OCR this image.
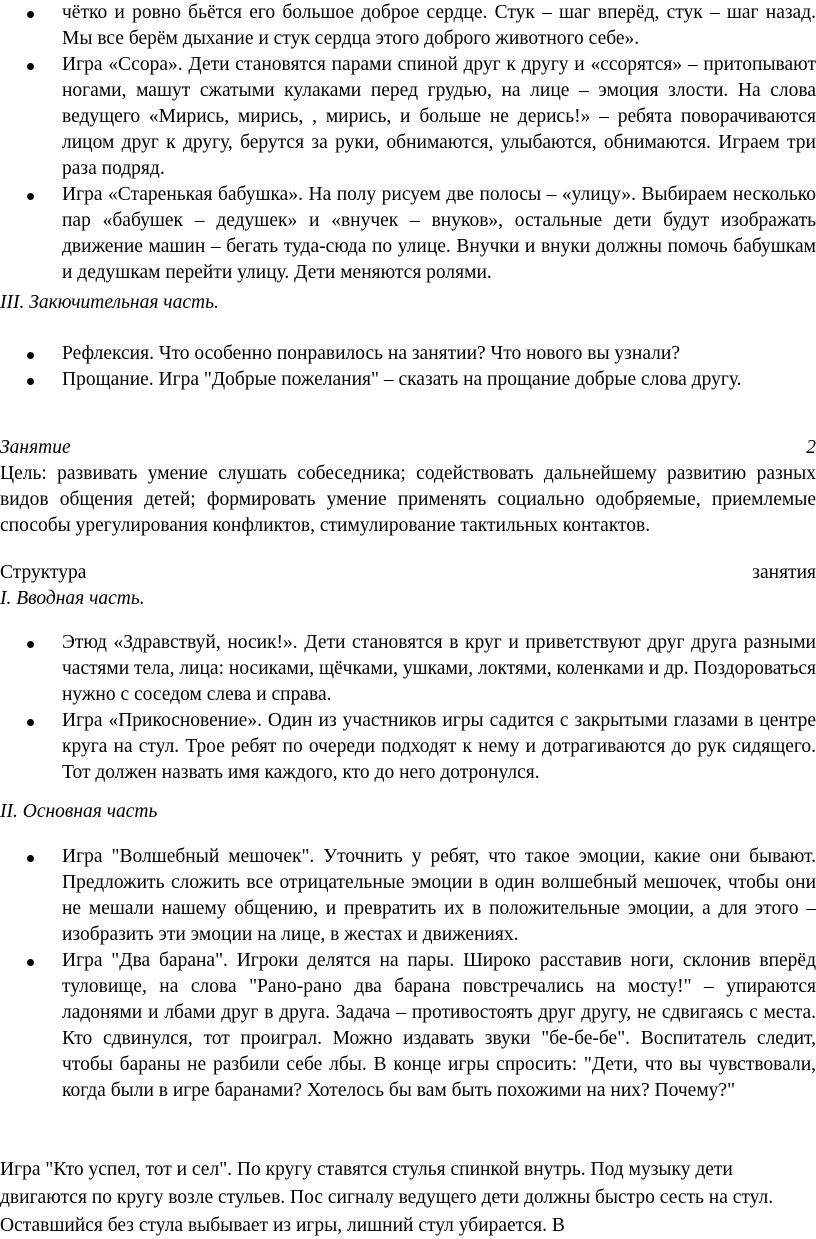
чётко и ровно бьётся его большое доброе сердце. Стук – шаг вперёд, стук – шаг назад. Мы все берём дыхание и стук сердца этого доброго животного себе».
Игра «Ссора». Дети становятся парами спиной друг к другу и «ссорятся» – притопывают ногами, машут сжатыми кулаками перед грудью, на лице – эмоция злости. На слова ведущего «Мирись, мирись, , мирись, и больше не дерись!» – ребята поворачиваются лицом друг к другу, берутся за руки, обнимаются, улыбаются, обнимаются. Играем три раза подряд.
Игра «Старенькая бабушка». На полу рисуем две полосы – «улицу». Выбираем несколько пар «бабушек – дедушек» и «внучек – внуков», остальные дети будут изображать движение машин – бегать туда-сюда по улице. Внучки и внуки должны помочь бабушкам и дедушкам перейти улицу. Дети меняются ролями.

III. Закючительная часть.

Рефлексия. Что особенно понравилось на занятии? Что нового вы узнали?
Прощание. Игра "Добрые пожелания" – сказать на прощание добрые слова другу.
Занятие	2

Цель: развивать умение слушать собеседника; содействовать дальнейшему развитию разных видов общения детей; формировать умение применять социально одобряемые, приемлемые способы урегулирования конфликтов, стимулирование тактильных контактов.

Структура	занятия

I. Вводная часть.

Этюд «Здравствуй, носик!». Дети становятся в круг и приветствуют друг друга разными частями тела, лица: носиками, щёчками, ушками, локтями, коленками и др. Поздороваться нужно с соседом слева и справа.
Игра «Прикосновение». Один из участников игры садится с закрытыми глазами в центре круга на стул. Трое ребят по очереди подходят к нему и дотрагиваются до рук сидящего. Тот должен назвать имя каждого, кто до него дотронулся.

II. Основная часть

Игра "Волшебный мешочек". Уточнить у ребят, что такое эмоции, какие они бывают. Предложить сложить все отрицательные эмоции в один волшебный мешочек, чтобы они не мешали нашему общению, и превратить их в положительные эмоции, а для этого – изобразить эти эмоции на лице, в жестах и движениях.
Игра "Два барана". Игроки делятся на пары. Широко расставив ноги, склонив вперёд туловище, на слова "Рано-рано два барана повстречались на мосту!" – упираются ладонями и лбами друг в друга. Задача – противостоять друг другу, не сдвигаясь с места. Кто сдвинулся, тот проиграл. Можно издавать звуки "бе-бе-бе". Воспитатель следит, чтобы бараны не разбили себе лбы. В конце игры спросить: "Дети, что вы чувствовали, когда были в игре баранами? Хотелось бы вам быть похожими на них? Почему?"

Игра "Кто успел, тот и сел". По кругу ставятся стулья спинкой внутрь. Под музыку дети двигаются по кругу возле стульев. Пос сигналу ведущего дети должны быстро сесть на стул. Оставшийся без стула выбывает из игры, лишний стул убирается. В
